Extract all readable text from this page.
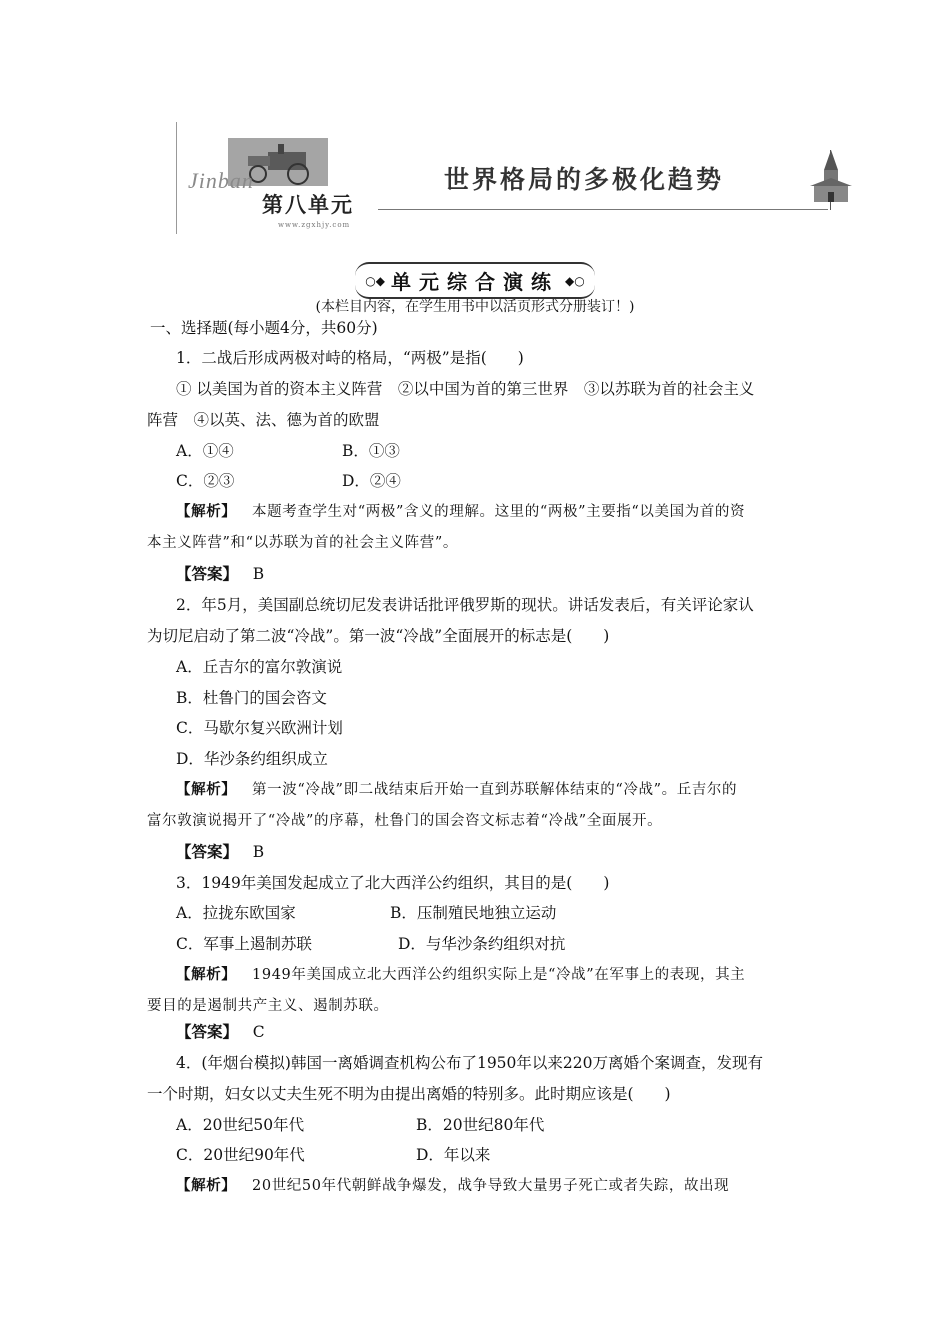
Jinban
第八单元
www.zgxhjy.com
世界格局的多极化趋势
○◆ 单元综合演练 ◆○
(本栏目内容，在学生用书中以活页形式分册装订！)
一、选择题(每小题4分，共60分)
1．二战后形成两极对峙的格局，“两极”是指(　　)
① 以美国为首的资本主义阵营　②以中国为首的第三世界　③以苏联为首的社会主义
阵营　④以英、法、德为首的欧盟
A．①④	B．①③
C．②③	D．②④
【解析】 本题考查学生对“两极”含义的理解。这里的“两极”主要指“以美国为首的资
本主义阵营”和“以苏联为首的社会主义阵营”。
【答案】 B
2．年5月，美国副总统切尼发表讲话批评俄罗斯的现状。讲话发表后，有关评论家认
为切尼启动了第二波“冷战”。第一波“冷战”全面展开的标志是(　　)
A．丘吉尔的富尔敦演说
B．杜鲁门的国会咨文
C．马歇尔复兴欧洲计划
D．华沙条约组织成立
【解析】 第一波“冷战”即二战结束后开始一直到苏联解体结束的“冷战”。丘吉尔的
富尔敦演说揭开了“冷战”的序幕，杜鲁门的国会咨文标志着“冷战”全面展开。
【答案】 B
3．1949年美国发起成立了北大西洋公约组织，其目的是(　　)
A．拉拢东欧国家	B．压制殖民地独立运动
C．军事上遏制苏联	D．与华沙条约组织对抗
【解析】 1949年美国成立北大西洋公约组织实际上是“冷战”在军事上的表现，其主
要目的是遏制共产主义、遏制苏联。
【答案】 C
4．(年烟台模拟)韩国一离婚调查机构公布了1950年以来220万离婚个案调查，发现有
一个时期，妇女以丈夫生死不明为由提出离婚的特别多。此时期应该是(　　)
A．20世纪50年代	B．20世纪80年代
C．20世纪90年代	D．年以来
【解析】 20世纪50年代朝鲜战争爆发，战争导致大量男子死亡或者失踪，故出现
